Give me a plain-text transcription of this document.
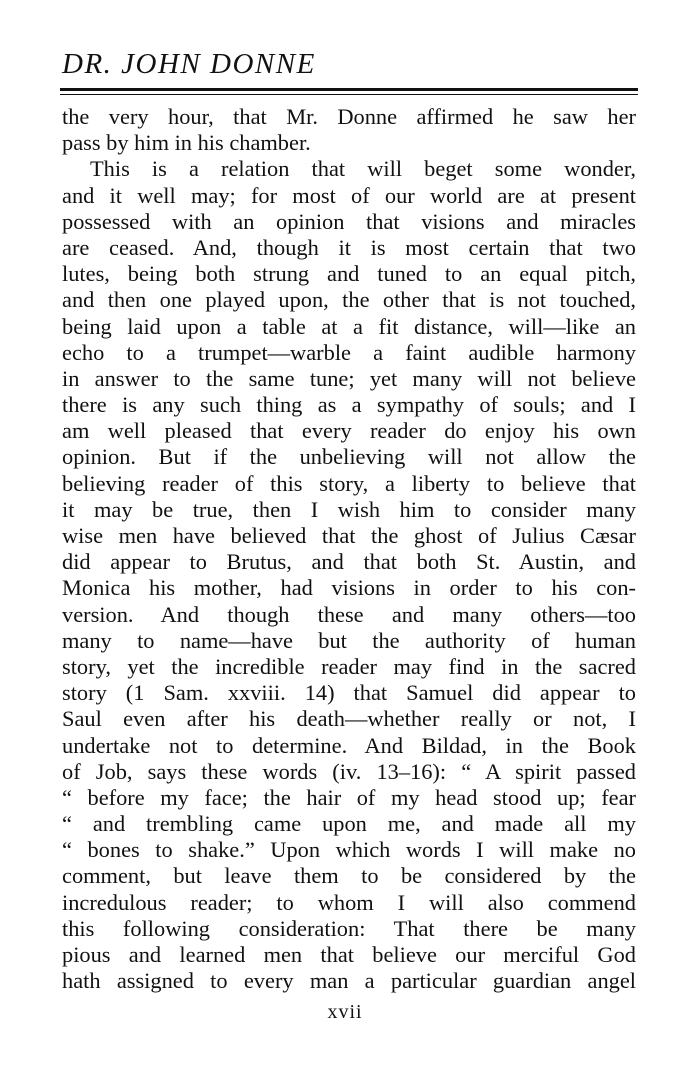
DR. JOHN DONNE
the very hour, that Mr. Donne affirmed he saw her
pass by him in his chamber.
This is a relation that will beget some wonder,
and it well may; for most of our world are at present
possessed with an opinion that visions and miracles
are ceased. And, though it is most certain that two
lutes, being both strung and tuned to an equal pitch,
and then one played upon, the other that is not touched,
being laid upon a table at a fit distance, will—like an
echo to a trumpet—warble a faint audible harmony
in answer to the same tune; yet many will not believe
there is any such thing as a sympathy of souls; and I
am well pleased that every reader do enjoy his own
opinion. But if the unbelieving will not allow the
believing reader of this story, a liberty to believe that
it may be true, then I wish him to consider many
wise men have believed that the ghost of Julius Cæsar
did appear to Brutus, and that both St. Austin, and
Monica his mother, had visions in order to his con-
version. And though these and many others—too
many to name—have but the authority of human
story, yet the incredible reader may find in the sacred
story (1 Sam. xxviii. 14) that Samuel did appear to
Saul even after his death—whether really or not, I
undertake not to determine. And Bildad, in the Book
of Job, says these words (iv. 13–16): “ A spirit passed
“ before my face; the hair of my head stood up; fear
“ and trembling came upon me, and made all my
“ bones to shake.” Upon which words I will make no
comment, but leave them to be considered by the
incredulous reader; to whom I will also commend
this following consideration: That there be many
pious and learned men that believe our merciful God
hath assigned to every man a particular guardian angel
xvii
